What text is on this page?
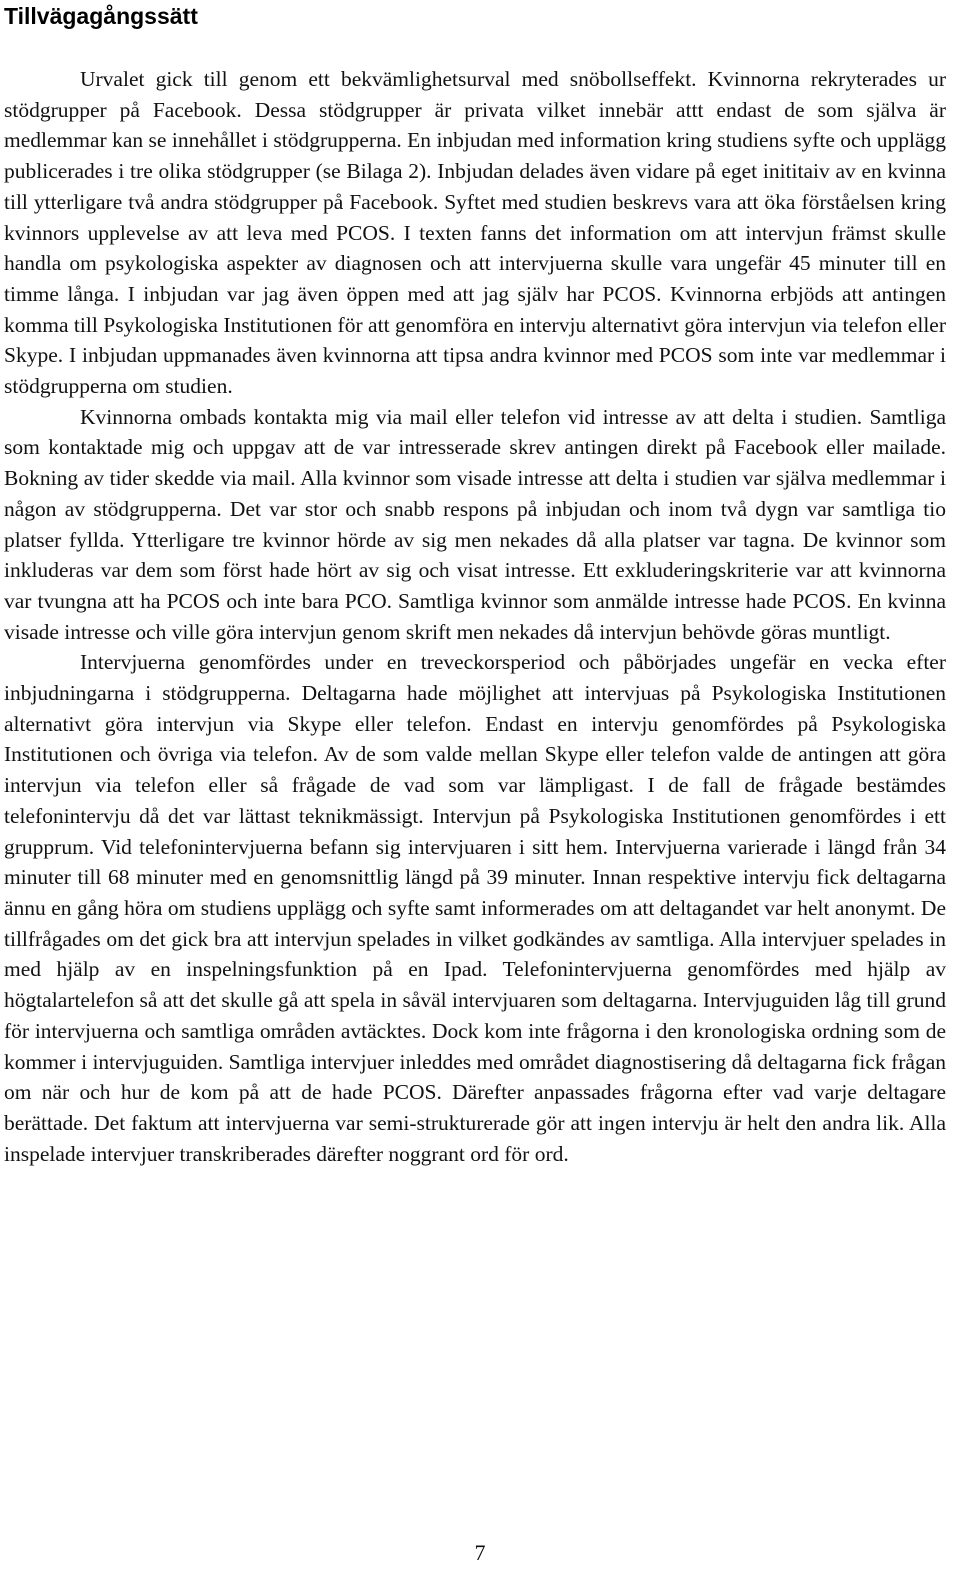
Tillvägagångssätt

Urvalet gick till genom ett bekvämlighetsurval med snöbollseffekt. Kvinnorna rekryterades ur stödgrupper på Facebook. Dessa stödgrupper är privata vilket innebär attt endast de som själva är medlemmar kan se innehållet i stödgrupperna. En inbjudan med information kring studiens syfte och upplägg publicerades i tre olika stödgrupper (se Bilaga 2). Inbjudan delades även vidare på eget inititaiv av en kvinna till ytterligare två andra stödgrupper på Facebook. Syftet med studien beskrevs vara att öka förståelsen kring kvinnors upplevelse av att leva med PCOS. I texten fanns det information om att intervjun främst skulle handla om psykologiska aspekter av diagnosen och att intervjuerna skulle vara ungefär 45 minuter till en timme långa. I inbjudan var jag även öppen med att jag själv har PCOS. Kvinnorna erbjöds att antingen komma till Psykologiska Institutionen för att genomföra en intervju alternativt göra intervjun via telefon eller Skype. I inbjudan uppmanades även kvinnorna att tipsa andra kvinnor med PCOS som inte var medlemmar i stödgrupperna om studien.

Kvinnorna ombads kontakta mig via mail eller telefon vid intresse av att delta i studien. Samtliga som kontaktade mig och uppgav att de var intresserade skrev antingen direkt på Facebook eller mailade. Bokning av tider skedde via mail. Alla kvinnor som visade intresse att delta i studien var själva medlemmar i någon av stödgrupperna. Det var stor och snabb respons på inbjudan och inom två dygn var samtliga tio platser fyllda. Ytterligare tre kvinnor hörde av sig men nekades då alla platser var tagna. De kvinnor som inkluderas var dem som först hade hört av sig och visat intresse. Ett exkluderingskriterie var att kvinnorna var tvungna att ha PCOS och inte bara PCO. Samtliga kvinnor som anmälde intresse hade PCOS. En kvinna visade intresse och ville göra intervjun genom skrift men nekades då intervjun behövde göras muntligt.

Intervjuerna genomfördes under en treveckorsperiod och påbörjades ungefär en vecka efter inbjudningarna i stödgrupperna. Deltagarna hade möjlighet att intervjuas på Psykologiska Institutionen alternativt göra intervjun via Skype eller telefon. Endast en intervju genomfördes på Psykologiska Institutionen och övriga via telefon. Av de som valde mellan Skype eller telefon valde de antingen att göra intervjun via telefon eller så frågade de vad som var lämpligast. I de fall de frågade bestämdes telefonintervju då det var lättast teknikmässigt. Intervjun på Psykologiska Institutionen genomfördes i ett grupprum. Vid telefonintervjuerna befann sig intervjuaren i sitt hem. Intervjuerna varierade i längd från 34 minuter till 68 minuter med en genomsnittlig längd på 39 minuter. Innan respektive intervju fick deltagarna ännu en gång höra om studiens upplägg och syfte samt informerades om att deltagandet var helt anonymt. De tillfrågades om det gick bra att intervjun spelades in vilket godkändes av samtliga. Alla intervjuer spelades in med hjälp av en inspelningsfunktion på en Ipad. Telefonintervjuerna genomfördes med hjälp av högtalartelefon så att det skulle gå att spela in såväl intervjuaren som deltagarna. Intervjuguiden låg till grund för intervjuerna och samtliga områden avtäcktes. Dock kom inte frågorna i den kronologiska ordning som de kommer i intervjuguiden. Samtliga intervjuer inleddes med området diagnostisering då deltagarna fick frågan om när och hur de kom på att de hade PCOS. Därefter anpassades frågorna efter vad varje deltagare berättade. Det faktum att intervjuerna var semi-strukturerade gör att ingen intervju är helt den andra lik. Alla inspelade intervjuer transkriberades därefter noggrant ord för ord.

7
